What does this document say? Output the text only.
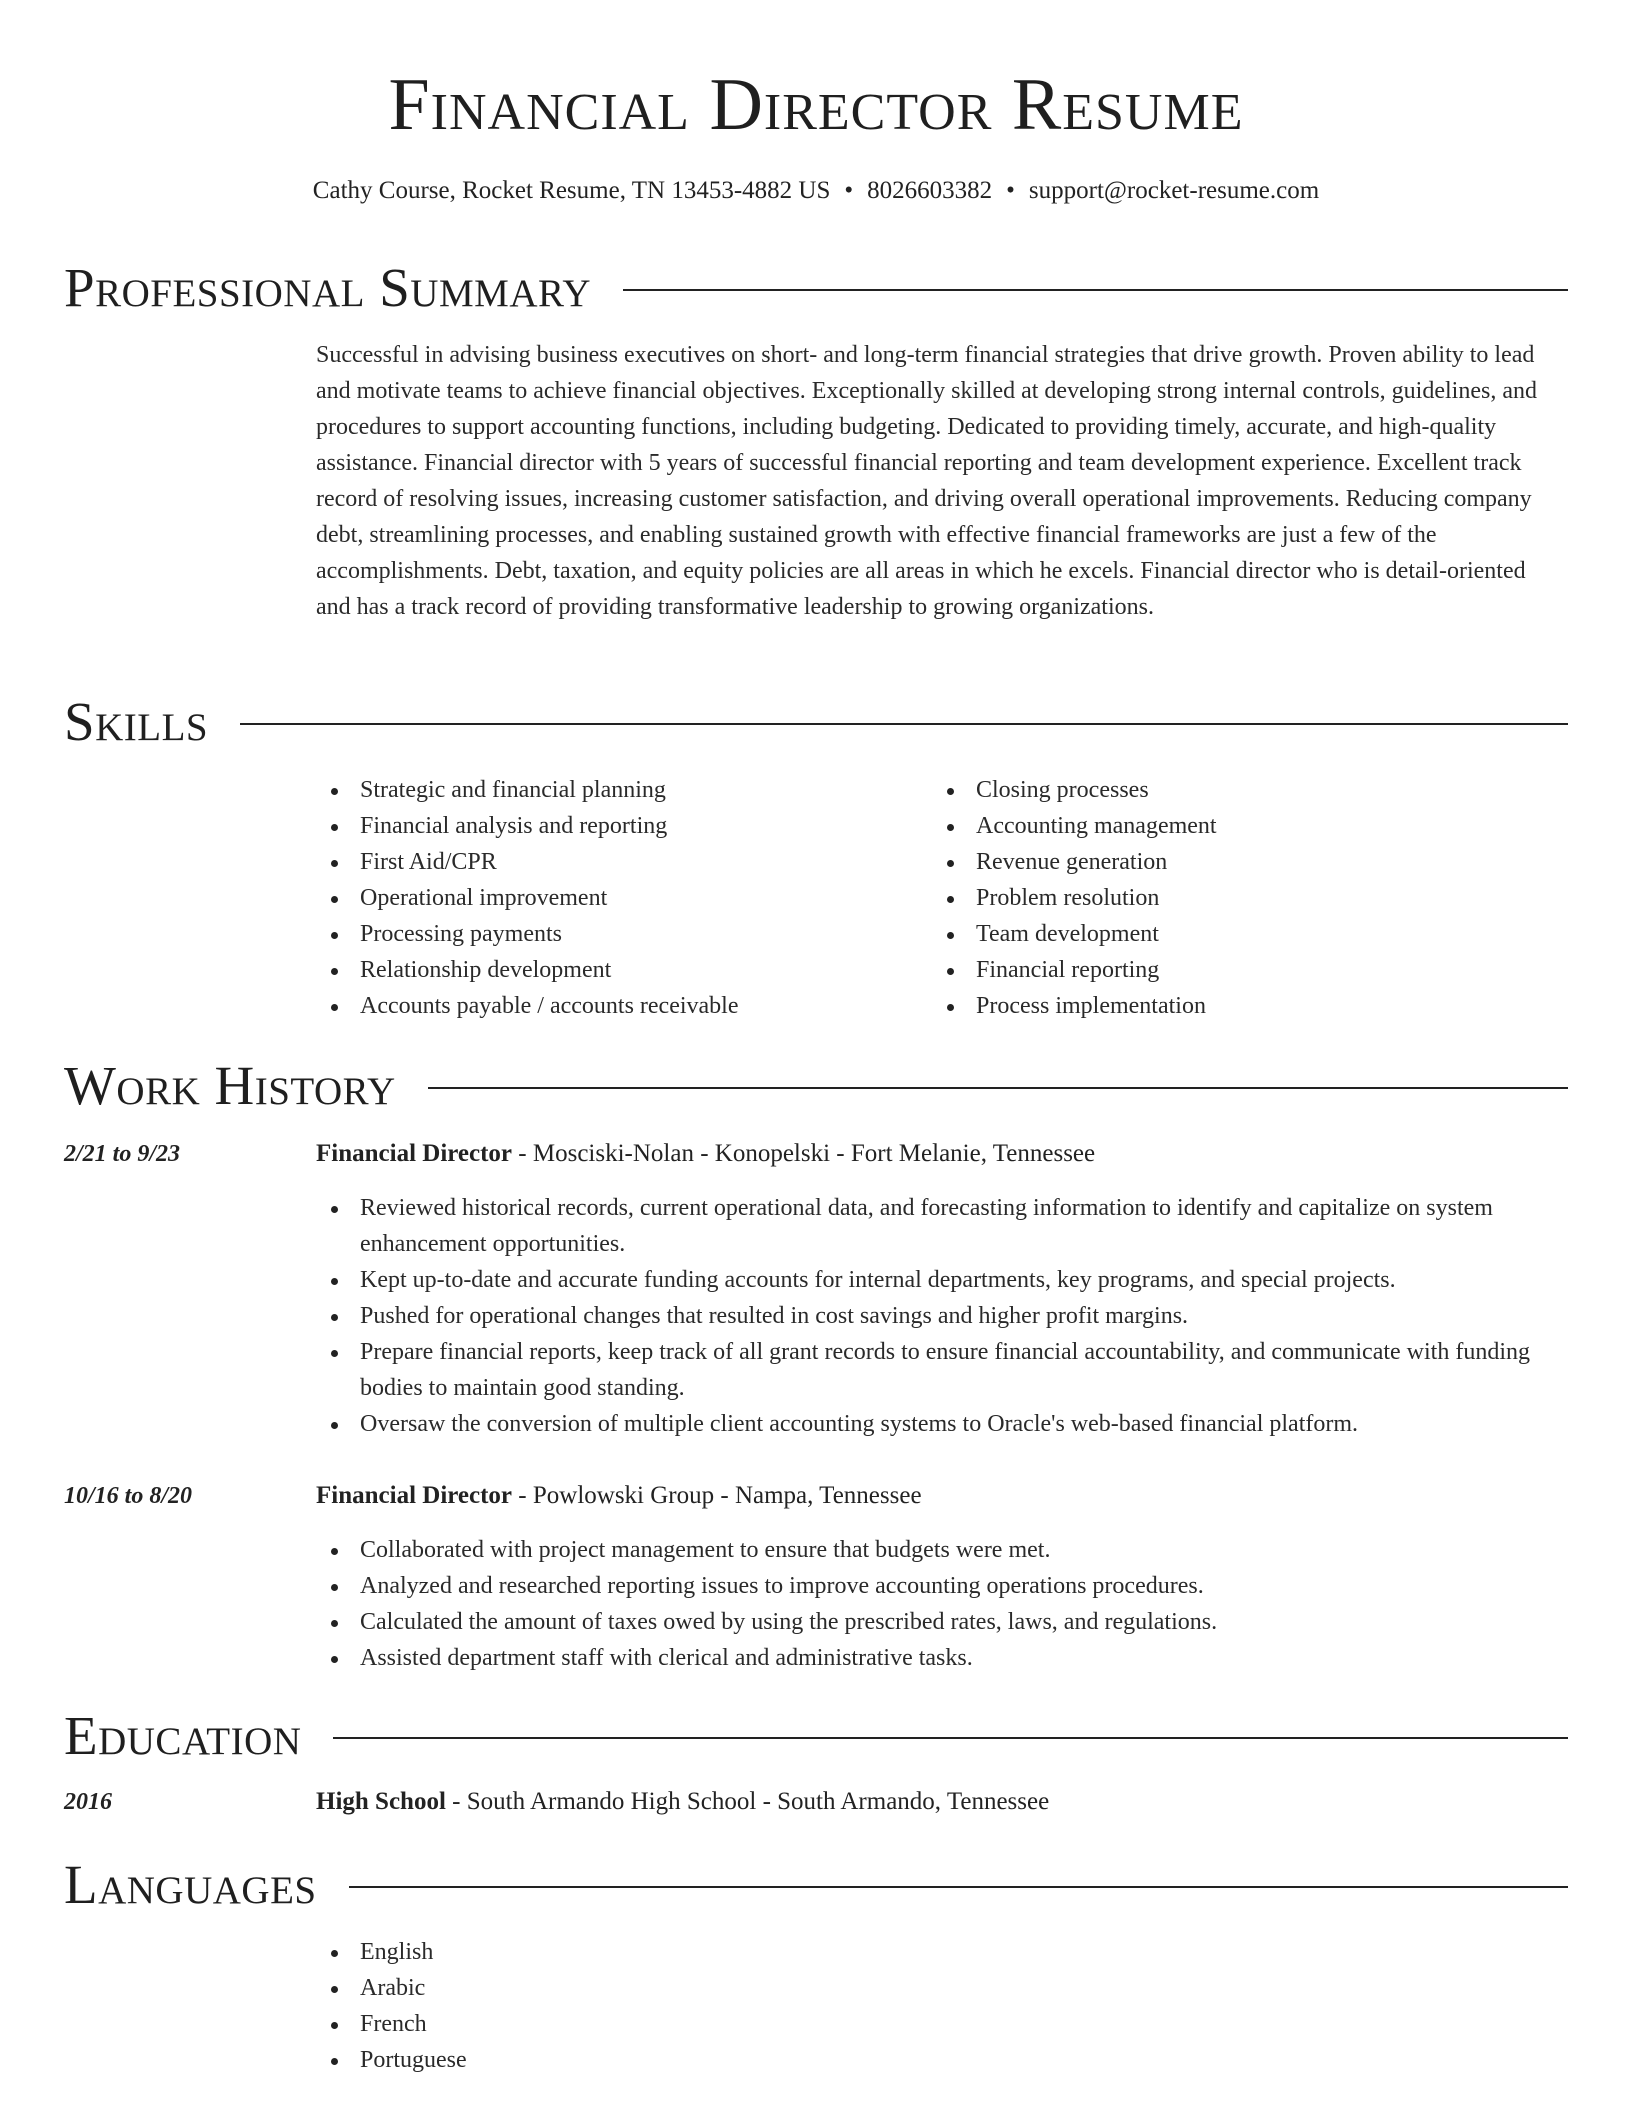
Financial Director Resume
Cathy Course, Rocket Resume, TN 13453-4882 US • 8026603382 • support@rocket-resume.com
Professional Summary
Successful in advising business executives on short- and long-term financial strategies that drive growth. Proven ability to lead and motivate teams to achieve financial objectives. Exceptionally skilled at developing strong internal controls, guidelines, and procedures to support accounting functions, including budgeting. Dedicated to providing timely, accurate, and high-quality assistance. Financial director with 5 years of successful financial reporting and team development experience. Excellent track record of resolving issues, increasing customer satisfaction, and driving overall operational improvements. Reducing company debt, streamlining processes, and enabling sustained growth with effective financial frameworks are just a few of the accomplishments. Debt, taxation, and equity policies are all areas in which he excels. Financial director who is detail-oriented and has a track record of providing transformative leadership to growing organizations.
Skills
Strategic and financial planning
Financial analysis and reporting
First Aid/CPR
Operational improvement
Processing payments
Relationship development
Accounts payable / accounts receivable
Closing processes
Accounting management
Revenue generation
Problem resolution
Team development
Financial reporting
Process implementation
Work History
2/21 to 9/23	Financial Director - Mosciski-Nolan - Konopelski - Fort Melanie, Tennessee
Reviewed historical records, current operational data, and forecasting information to identify and capitalize on system enhancement opportunities.
Kept up-to-date and accurate funding accounts for internal departments, key programs, and special projects.
Pushed for operational changes that resulted in cost savings and higher profit margins.
Prepare financial reports, keep track of all grant records to ensure financial accountability, and communicate with funding bodies to maintain good standing.
Oversaw the conversion of multiple client accounting systems to Oracle's web-based financial platform.
10/16 to 8/20	Financial Director - Powlowski Group - Nampa, Tennessee
Collaborated with project management to ensure that budgets were met.
Analyzed and researched reporting issues to improve accounting operations procedures.
Calculated the amount of taxes owed by using the prescribed rates, laws, and regulations.
Assisted department staff with clerical and administrative tasks.
Education
2016	High School - South Armando High School - South Armando, Tennessee
Languages
English
Arabic
French
Portuguese
